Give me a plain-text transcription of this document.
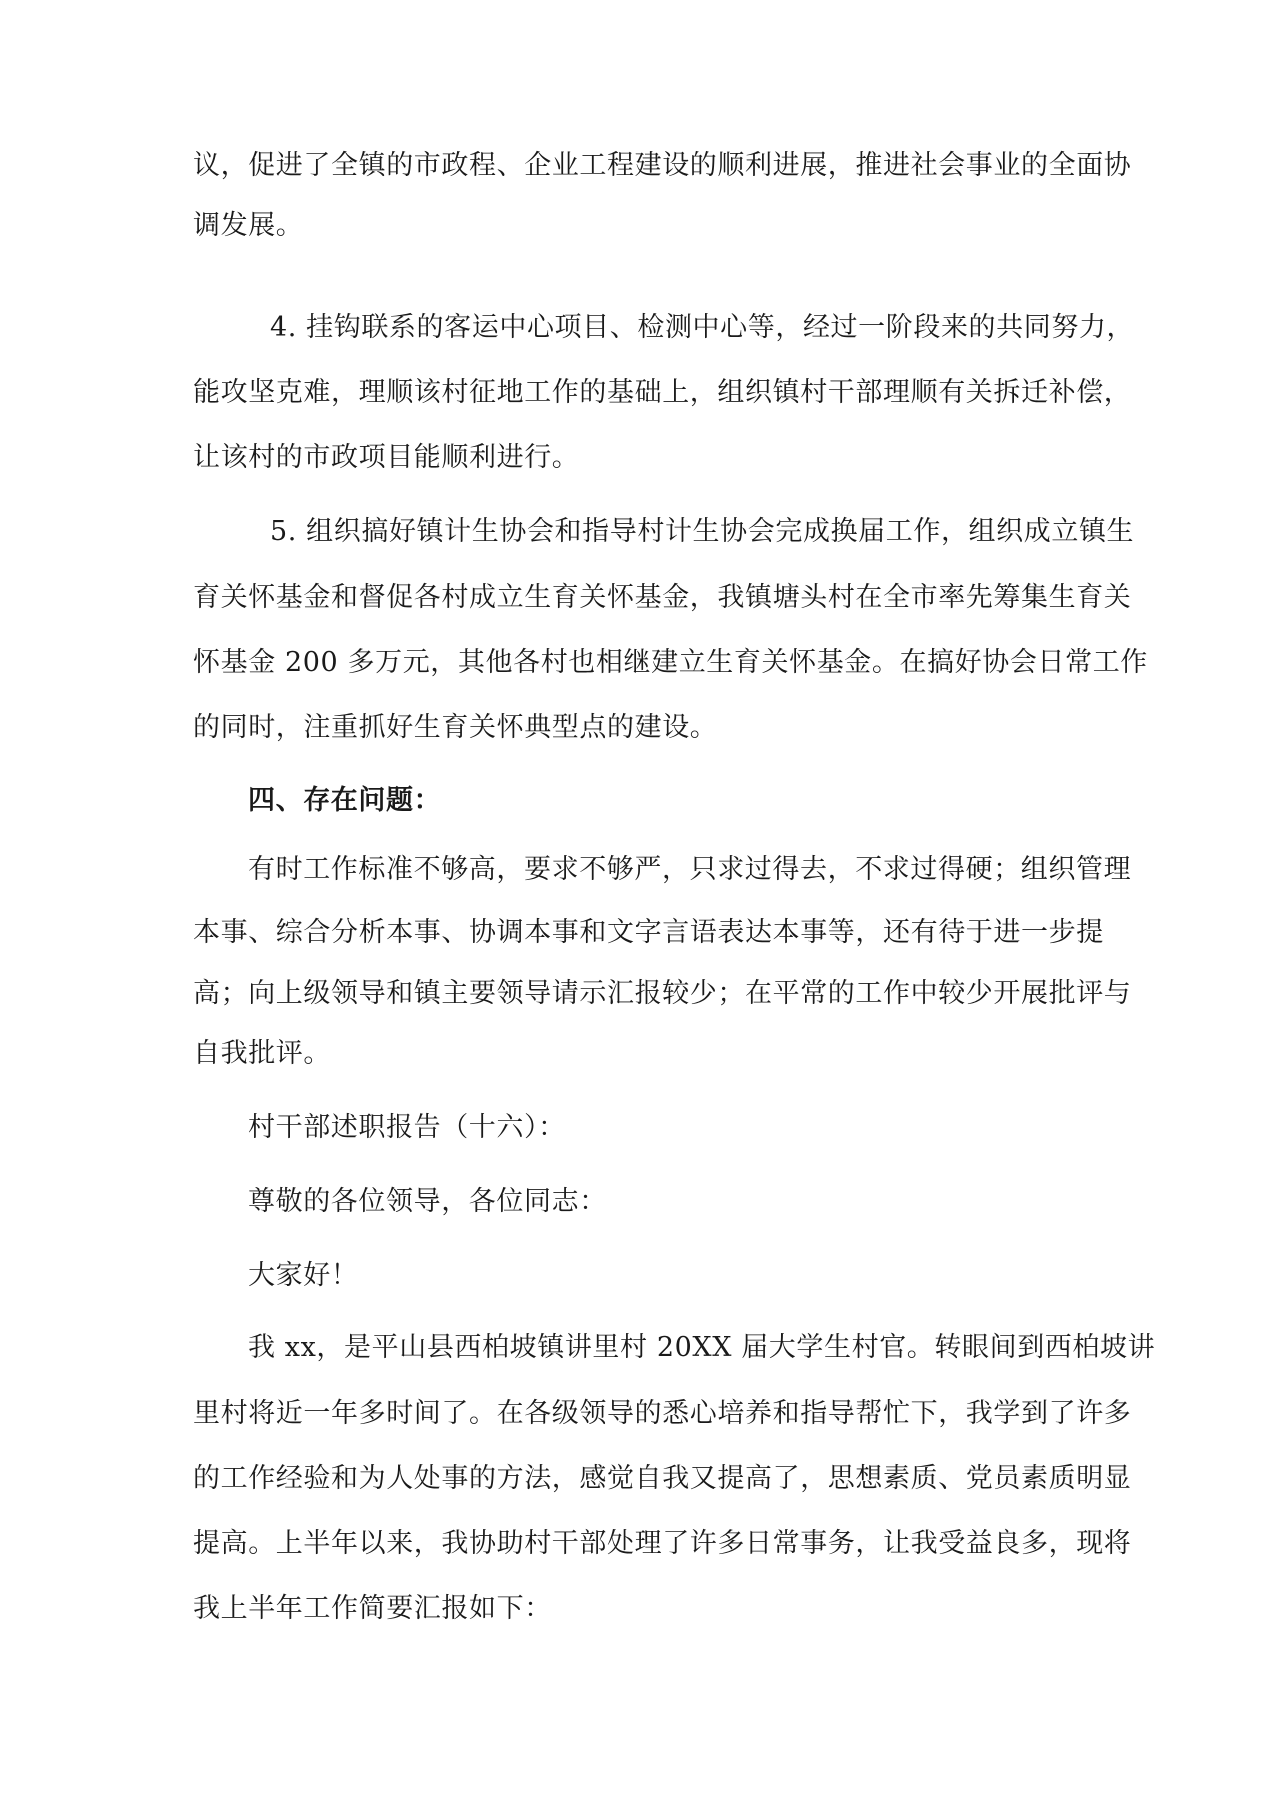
议，促进了全镇的市政程、企业工程建设的顺利进展，推进社会事业的全面协
调发展。
4. 挂钩联系的客运中心项目、检测中心等，经过一阶段来的共同努力，
能攻坚克难，理顺该村征地工作的基础上，组织镇村干部理顺有关拆迁补偿，
让该村的市政项目能顺利进行。
5. 组织搞好镇计生协会和指导村计生协会完成换届工作，组织成立镇生
育关怀基金和督促各村成立生育关怀基金，我镇塘头村在全市率先筹集生育关
怀基金 200 多万元，其他各村也相继建立生育关怀基金。在搞好协会日常工作
的同时，注重抓好生育关怀典型点的建设。
四、存在问题：
有时工作标准不够高，要求不够严，只求过得去，不求过得硬；组织管理
本事、综合分析本事、协调本事和文字言语表达本事等，还有待于进一步提
高；向上级领导和镇主要领导请示汇报较少；在平常的工作中较少开展批评与
自我批评。
村干部述职报告（十六）：
尊敬的各位领导，各位同志：
大家好！
我 xx，是平山县西柏坡镇讲里村 20XX 届大学生村官。转眼间到西柏坡讲
里村将近一年多时间了。在各级领导的悉心培养和指导帮忙下，我学到了许多
的工作经验和为人处事的方法，感觉自我又提高了，思想素质、党员素质明显
提高。上半年以来，我协助村干部处理了许多日常事务，让我受益良多，现将
我上半年工作简要汇报如下：
